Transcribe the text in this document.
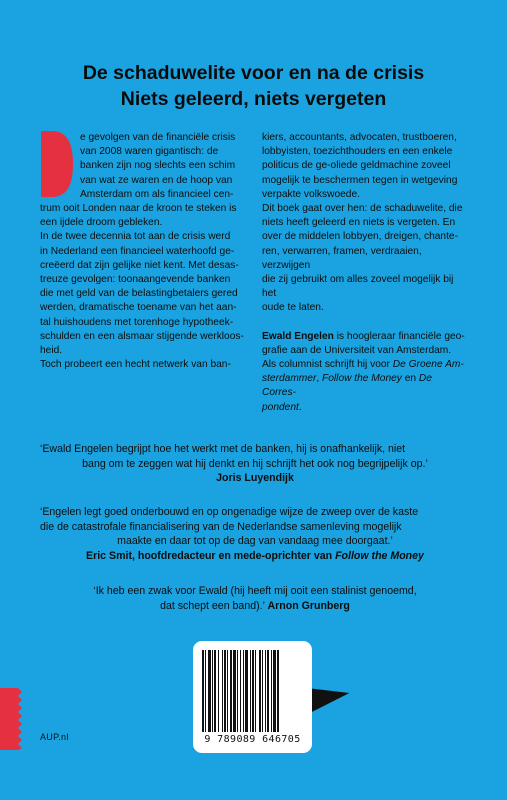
De schaduwelite voor en na de crisis
Niets geleerd, niets vergeten
D

e gevolgen van de financiële crisis

van 2008 waren gigantisch: de

banken zijn nog slechts een schim

van wat ze waren en de hoop van

Amsterdam om als financieel cen-

trum ooit Londen naar de kroon te steken is

een ijdele droom gebleken.

In de twee decennia tot aan de crisis werd

in Nederland een financieel waterhoofd ge-

creëerd dat zijn gelijke niet kent. Met desas-

treuze gevolgen: toonaangevende banken

die met geld van de belastingbetalers gered

werden, dramatische toename van het aan-

tal huishoudens met torenhoge hypotheek-

schulden en een alsmaar stijgende werkloos-

heid.

Toch probeert een hecht netwerk van ban-

kiers, accountants, advocaten, trustboeren,

lobbyisten, toezichthouders en een enkele

politicus de ge-oliede geldmachine zoveel

mogelijk te beschermen tegen in wetgeving

verpakte volkswoede.

Dit boek gaat over hen: de schaduwelite, die

niets heeft geleerd en niets is vergeten. En

over de middelen lobbyen, dreigen, chante-

ren, verwarren, framen, verdraaien, verzwijgen

die zij gebruikt om alles zoveel mogelijk bij het

oude te laten.

Ewald Engelen is hoogleraar financiële geo-

grafie aan de Universiteit van Amsterdam.

Als columnist schrijft hij voor De Groene Am-

sterdammer, Follow the Money en De Corres-

pondent.

‘Ewald Engelen begrijpt hoe het werkt met de banken, hij is onafhankelijk, niet

bang om te zeggen wat hij denkt en hij schrijft het ook nog begrijpelijk op.’

Joris Luyendijk

‘Engelen legt goed onderbouwd en op ongenadige wijze de zweep over de kaste

die de catastrofale financialisering van de Nederlandse samenleving mogelijk

maakte en daar tot op de dag van vandaag mee doorgaat.’

Eric Smit, hoofdredacteur en mede-oprichter van Follow the Money

‘Ik heb een zwak voor Ewald (hij heeft mij ooit een stalinist genoemd,

dat schept een band).’ Arnon Grunberg

9 789089 646705
AUP.nl
